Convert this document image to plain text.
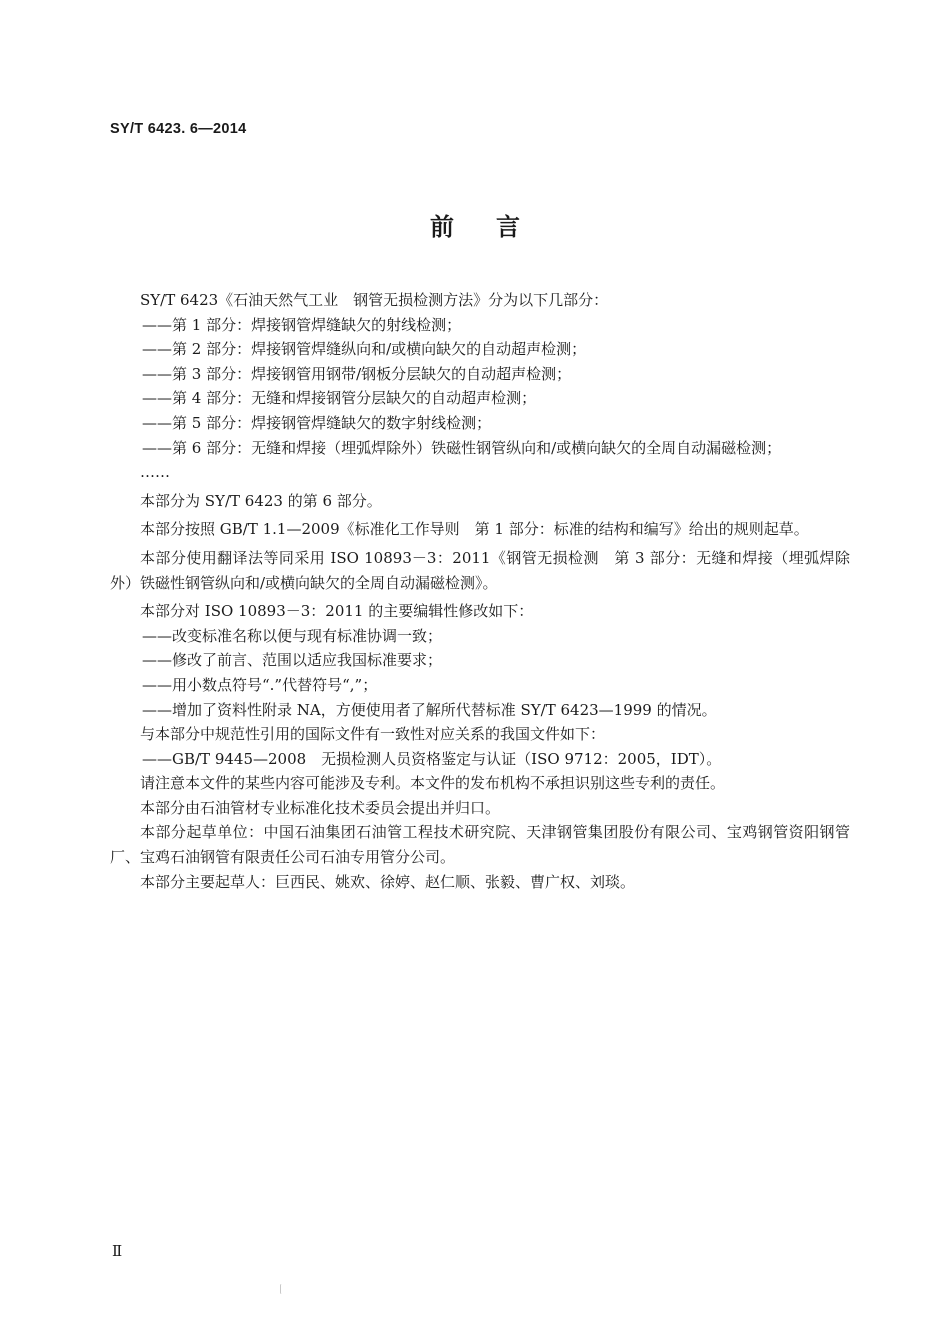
SY/T 6423. 6—2014
前言

SY/T 6423《石油天然气工业　钢管无损检测方法》分为以下几部分：

——第 1 部分：焊接钢管焊缝缺欠的射线检测；

——第 2 部分：焊接钢管焊缝纵向和/或横向缺欠的自动超声检测；

——第 3 部分：焊接钢管用钢带/钢板分层缺欠的自动超声检测；

——第 4 部分：无缝和焊接钢管分层缺欠的自动超声检测；

——第 5 部分：焊接钢管焊缝缺欠的数字射线检测；

——第 6 部分：无缝和焊接（埋弧焊除外）铁磁性钢管纵向和/或横向缺欠的全周自动漏磁检测；

……

本部分为 SY/T 6423 的第 6 部分。

本部分按照 GB/T 1.1—2009《标准化工作导则　第 1 部分：标准的结构和编写》给出的规则起草。

本部分使用翻译法等同采用 ISO 10893－3：2011《钢管无损检测　第 3 部分：无缝和焊接（埋弧焊除外）铁磁性钢管纵向和/或横向缺欠的全周自动漏磁检测》。

本部分对 ISO 10893－3：2011 的主要编辑性修改如下：

——改变标准名称以便与现有标准协调一致；

——修改了前言、范围以适应我国标准要求；

——用小数点符号“.”代替符号“,”；

——增加了资料性附录 NA，方便使用者了解所代替标准 SY/T 6423—1999 的情况。

与本部分中规范性引用的国际文件有一致性对应关系的我国文件如下：

——GB/T 9445—2008　无损检测人员资格鉴定与认证（ISO 9712：2005，IDT）。

请注意本文件的某些内容可能涉及专利。本文件的发布机构不承担识别这些专利的责任。

本部分由石油管材专业标准化技术委员会提出并归口。

本部分起草单位：中国石油集团石油管工程技术研究院、天津钢管集团股份有限公司、宝鸡钢管资阳钢管厂、宝鸡石油钢管有限责任公司石油专用管分公司。

本部分主要起草人：巨西民、姚欢、徐婷、赵仁顺、张毅、曹广权、刘琰。

Ⅱ
